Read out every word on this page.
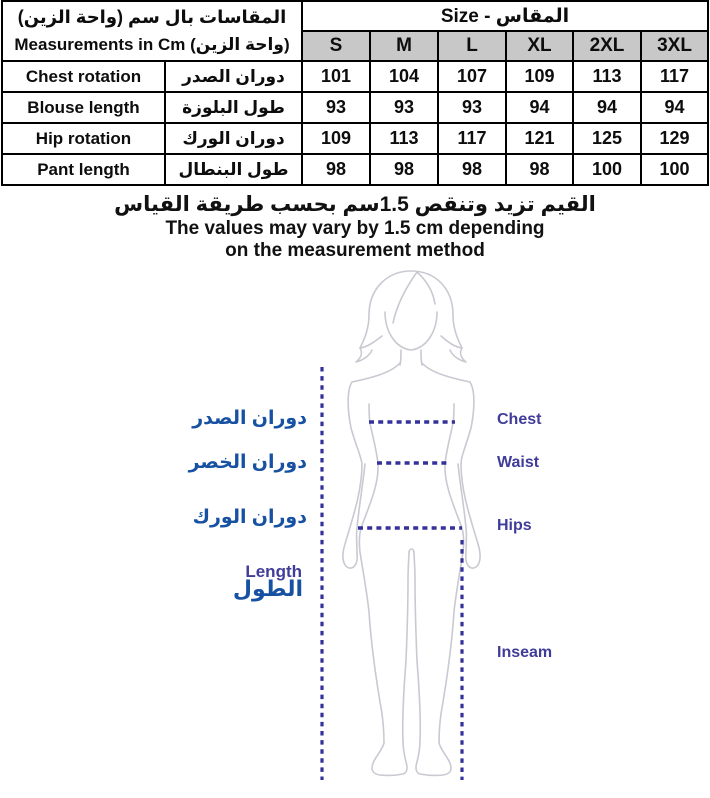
المقاسات بال سم (واحة الزين)
Measurements in Cm (واحة الزين)		Size - المقاس					
		S	M	L	XL	2XL	3XL
Chest rotation	دوران الصدر	101	104	107	109	113	117
Blouse length	طول البلوزة	93	93	93	94	94	94
Hip rotation	دوران الورك	109	113	117	121	125	129
Pant length	طول البنطال	98	98	98	98	100	100
القيم تزيد وتنقص 1.5سم بحسب طريقة القياس
The values may vary by 1.5 cm depending
on the measurement method
دوران الصدر
دوران الخصر
دوران الورك
Length
الطول
Chest
Waist
Hips
Inseam
